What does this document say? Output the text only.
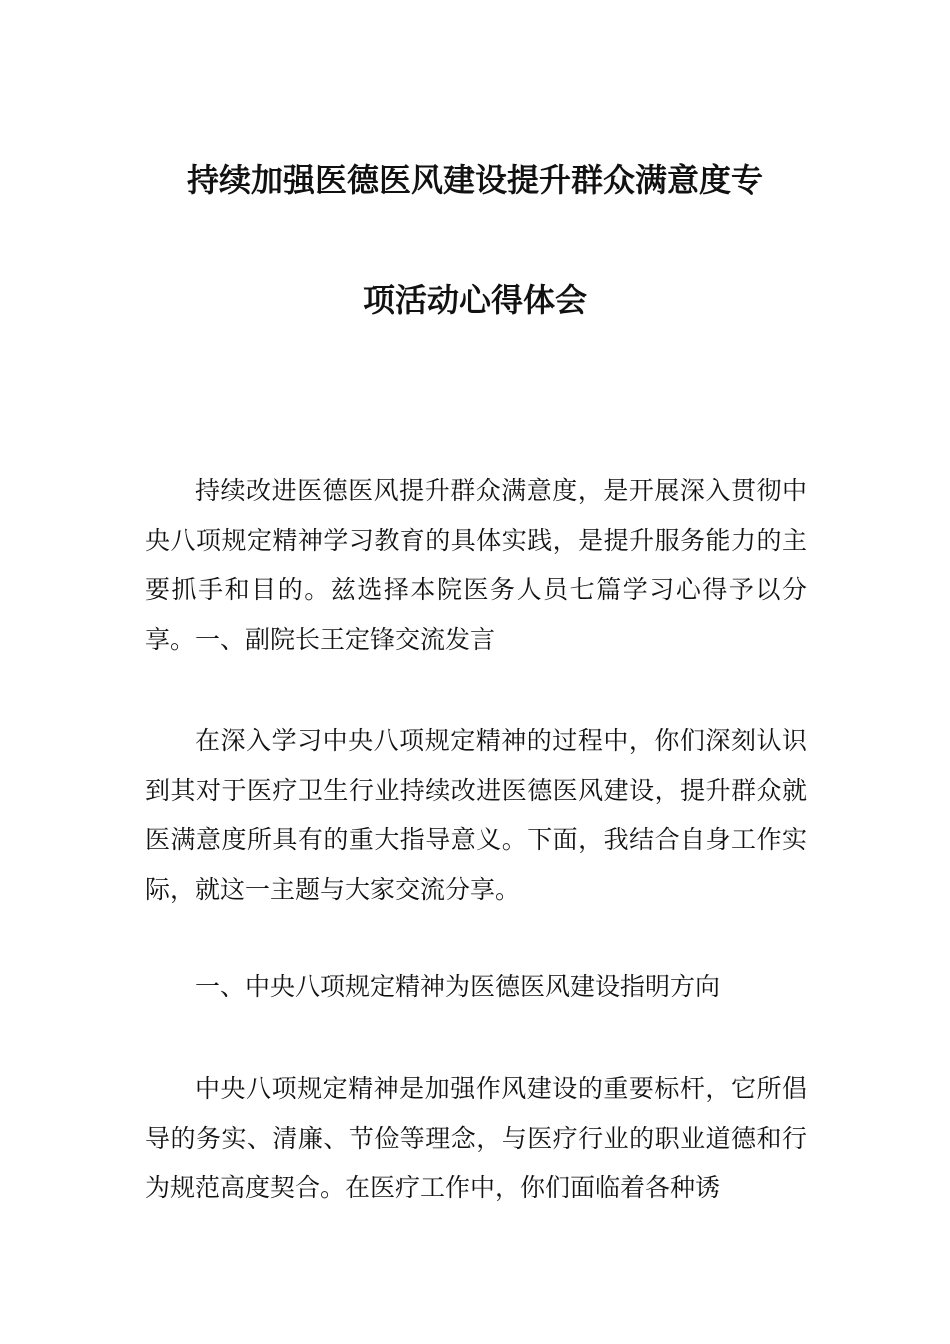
持续加强医德医风建设提升群众满意度专
项活动心得体会

持续改进医德医风提升群众满意度，是开展深入贯彻中央八项规定精神学习教育的具体实践，是提升服务能力的主要抓手和目的。兹选择本院医务人员七篇学习心得予以分享。一、副院长王定锋交流发言

在深入学习中央八项规定精神的过程中，你们深刻认识到其对于医疗卫生行业持续改进医德医风建设，提升群众就医满意度所具有的重大指导意义。下面，我结合自身工作实际，就这一主题与大家交流分享。

一、中央八项规定精神为医德医风建设指明方向

中央八项规定精神是加强作风建设的重要标杆，它所倡导的务实、清廉、节俭等理念，与医疗行业的职业道德和行为规范高度契合。在医疗工作中，你们面临着各种诱
